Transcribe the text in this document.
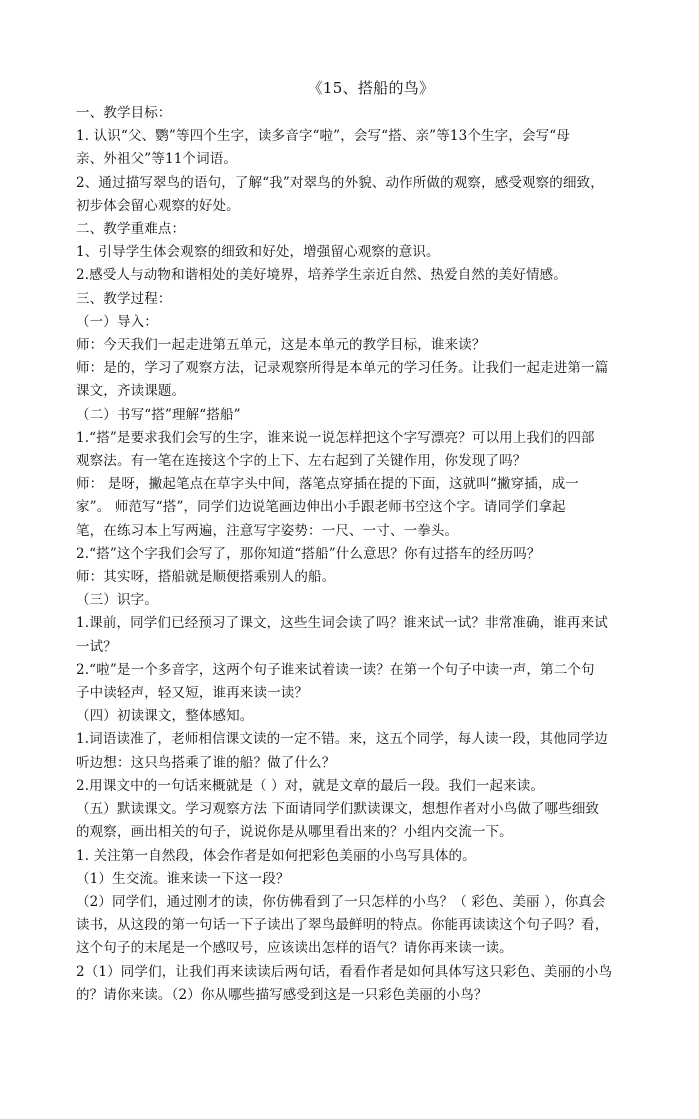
《15、搭船的鸟》

一、教学目标：

1. 认识“父、鹦”等四个生字，读多音字“啦”，会写“搭、亲”等13个生字，会写“母

亲、外祖父”等11个词语。

2、通过描写翠鸟的语句，了解“我”对翠鸟的外貌、动作所做的观察，感受观察的细致，

初步体会留心观察的好处。

二、教学重难点：

1、引导学生体会观察的细致和好处，增强留心观察的意识。

2.感受人与动物和谐相处的美好境界，培养学生亲近自然、热爱自然的美好情感。

三、教学过程：

（一）导入：

师：今天我们一起走进第五单元，这是本单元的教学目标，谁来读？

师：是的，学习了观察方法，记录观察所得是本单元的学习任务。让我们一起走进第一篇

课文，齐读课题。

（二）书写“搭”理解“搭船”

1.“搭”是要求我们会写的生字，谁来说一说怎样把这个字写漂亮？可以用上我们的四部

观察法。有一笔在连接这个字的上下、左右起到了关键作用，你发现了吗？

师： 是呀，撇起笔点在草字头中间，落笔点穿插在提的下面，这就叫“撇穿插，成一

家”。 师范写“搭”，同学们边说笔画边伸出小手跟老师书空这个字。请同学们拿起

笔，在练习本上写两遍，注意写字姿势：一尺、一寸、一拳头。

2.“搭”这个字我们会写了，那你知道“搭船”什么意思？你有过搭车的经历吗？

师：其实呀，搭船就是顺便搭乘别人的船。

（三）识字。

1.课前，同学们已经预习了课文，这些生词会读了吗？谁来试一试？非常准确，谁再来试

一试？

2.“啦”是一个多音字，这两个句子谁来试着读一读？在第一个句子中读一声，第二个句

子中读轻声，轻又短，谁再来读一读？

（四）初读课文，整体感知。

1.词语读准了，老师相信课文读的一定不错。来，这五个同学，每人读一段，其他同学边

听边想：这只鸟搭乘了谁的船？做了什么？

2.用课文中的一句话来概就是（ ）对，就是文章的最后一段。我们一起来读。

（五）默读课文。学习观察方法 下面请同学们默读课文，想想作者对小鸟做了哪些细致

的观察，画出相关的句子，说说你是从哪里看出来的？小组内交流一下。

1. 关注第一自然段，体会作者是如何把彩色美丽的小鸟写具体的。

（1）生交流。谁来读一下这一段？

（2）同学们，通过刚才的读，你仿佛看到了一只怎样的小鸟？（ 彩色、美丽 ），你真会

读书，从这段的第一句话一下子读出了翠鸟最鲜明的特点。你能再读读这个句子吗？看，

这个句子的末尾是一个感叹号，应该读出怎样的语气？请你再来读一读。

2（1）同学们，让我们再来读读后两句话，看看作者是如何具体写这只彩色、美丽的小鸟

的？请你来读。（2）你从哪些描写感受到这是一只彩色美丽的小鸟？
